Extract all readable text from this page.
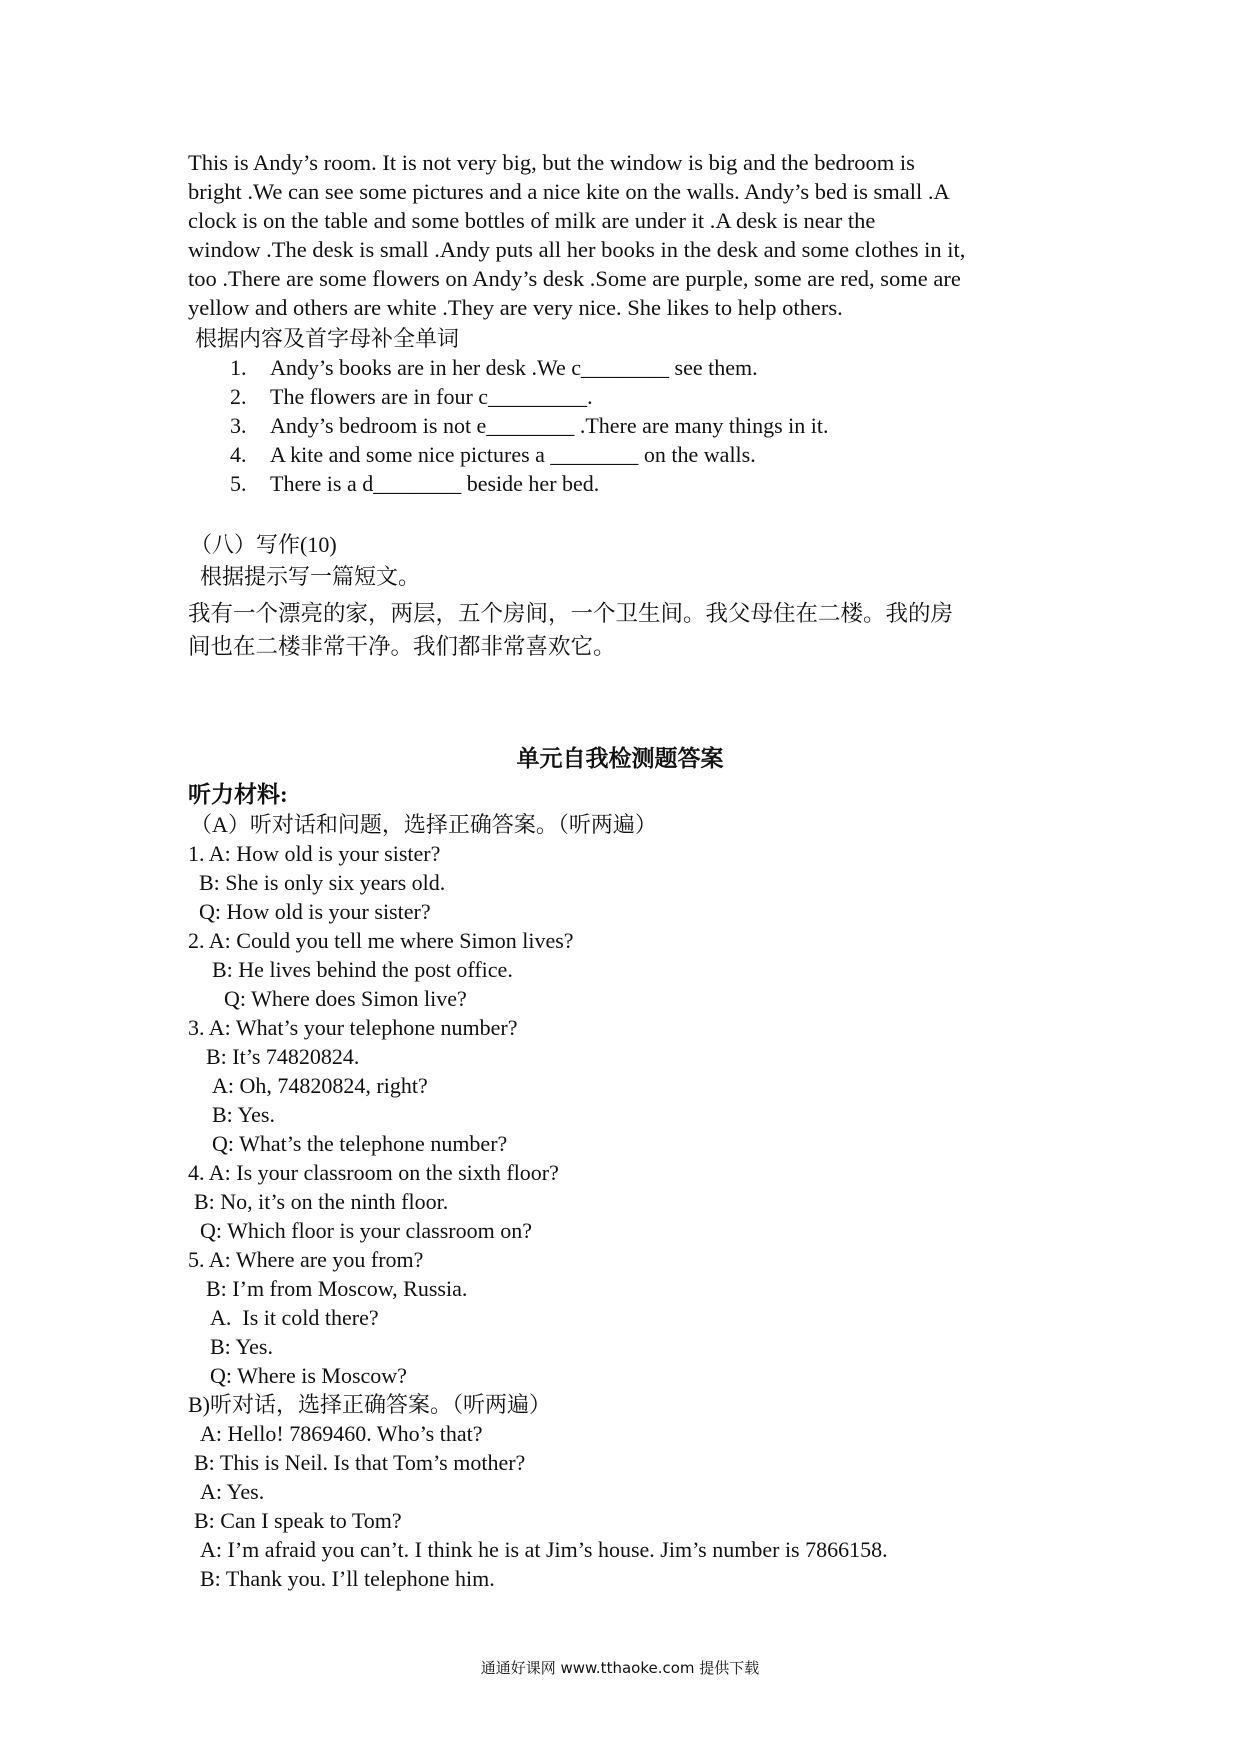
This is Andy’s room. It is not very big, but the window is big and the bedroom is

bright .We can see some pictures and a nice kite on the walls. Andy’s bed is small .A

clock is on the table and some bottles of milk are under it .A desk is near the

window .The desk is small .Andy puts all her books in the desk and some clothes in it,

too .There are some flowers on Andy’s desk .Some are purple, some are red, some are

yellow and others are white .They are very nice. She likes to help others.

根据内容及首字母补全单词
1. Andy’s books are in her desk .We c________ see them.
2. The flowers are in four c_________.
3. Andy’s bedroom is not e________ .There are many things in it.
4. A kite and some nice pictures a ________ on the walls.
5. There is a d________ beside her bed.
（八）写作(10)
根据提示写一篇短文。
我有一个漂亮的家，两层，五个房间，一个卫生间。我父母住在二楼。我的房
间也在二楼非常干净。我们都非常喜欢它。
单元自我检测题答案
听力材料:
（A）听对话和问题，选择正确答案。（听两遍）
1. A: How old is your sister?
B: She is only six years old.
Q: How old is your sister?
2. A: Could you tell me where Simon lives?
B: He lives behind the post office.
Q: Where does Simon live?
3. A: What’s your telephone number?
B: It’s 74820824.
A: Oh, 74820824, right?
B: Yes.
Q: What’s the telephone number?
4. A: Is your classroom on the sixth floor?
B: No, it’s on the ninth floor.
Q: Which floor is your classroom on?
5. A: Where are you from?
B: I’m from Moscow, Russia.
A.  Is it cold there?
B: Yes.
Q: Where is Moscow?
B)听对话，选择正确答案。（听两遍）
A: Hello! 7869460. Who’s that?
B: This is Neil. Is that Tom’s mother?
A: Yes.
B: Can I speak to Tom?
A: I’m afraid you can’t. I think he is at Jim’s house. Jim’s number is 7866158.
B: Thank you. I’ll telephone him.
通通好课网 www.tthaoke.com 提供下载
